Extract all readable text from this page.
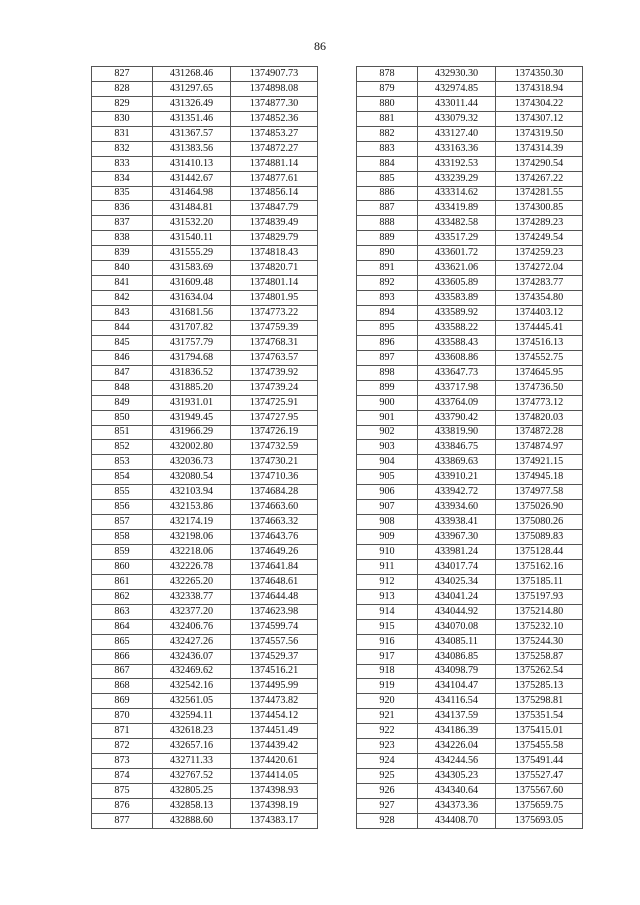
86
827	431268.46	1374907.73
828	431297.65	1374898.08
829	431326.49	1374877.30
830	431351.46	1374852.36
831	431367.57	1374853.27
832	431383.56	1374872.27
833	431410.13	1374881.14
834	431442.67	1374877.61
835	431464.98	1374856.14
836	431484.81	1374847.79
837	431532.20	1374839.49
838	431540.11	1374829.79
839	431555.29	1374818.43
840	431583.69	1374820.71
841	431609.48	1374801.14
842	431634.04	1374801.95
843	431681.56	1374773.22
844	431707.82	1374759.39
845	431757.79	1374768.31
846	431794.68	1374763.57
847	431836.52	1374739.92
848	431885.20	1374739.24
849	431931.01	1374725.91
850	431949.45	1374727.95
851	431966.29	1374726.19
852	432002.80	1374732.59
853	432036.73	1374730.21
854	432080.54	1374710.36
855	432103.94	1374684.28
856	432153.86	1374663.60
857	432174.19	1374663.32
858	432198.06	1374643.76
859	432218.06	1374649.26
860	432226.78	1374641.84
861	432265.20	1374648.61
862	432338.77	1374644.48
863	432377.20	1374623.98
864	432406.76	1374599.74
865	432427.26	1374557.56
866	432436.07	1374529.37
867	432469.62	1374516.21
868	432542.16	1374495.99
869	432561.05	1374473.82
870	432594.11	1374454.12
871	432618.23	1374451.49
872	432657.16	1374439.42
873	432711.33	1374420.61
874	432767.52	1374414.05
875	432805.25	1374398.93
876	432858.13	1374398.19
877	432888.60	1374383.17
878	432930.30	1374350.30
879	432974.85	1374318.94
880	433011.44	1374304.22
881	433079.32	1374307.12
882	433127.40	1374319.50
883	433163.36	1374314.39
884	433192.53	1374290.54
885	433239.29	1374267.22
886	433314.62	1374281.55
887	433419.89	1374300.85
888	433482.58	1374289.23
889	433517.29	1374249.54
890	433601.72	1374259.23
891	433621.06	1374272.04
892	433605.89	1374283.77
893	433583.89	1374354.80
894	433589.92	1374403.12
895	433588.22	1374445.41
896	433588.43	1374516.13
897	433608.86	1374552.75
898	433647.73	1374645.95
899	433717.98	1374736.50
900	433764.09	1374773.12
901	433790.42	1374820.03
902	433819.90	1374872.28
903	433846.75	1374874.97
904	433869.63	1374921.15
905	433910.21	1374945.18
906	433942.72	1374977.58
907	433934.60	1375026.90
908	433938.41	1375080.26
909	433967.30	1375089.83
910	433981.24	1375128.44
911	434017.74	1375162.16
912	434025.34	1375185.11
913	434041.24	1375197.93
914	434044.92	1375214.80
915	434070.08	1375232.10
916	434085.11	1375244.30
917	434086.85	1375258.87
918	434098.79	1375262.54
919	434104.47	1375285.13
920	434116.54	1375298.81
921	434137.59	1375351.54
922	434186.39	1375415.01
923	434226.04	1375455.58
924	434244.56	1375491.44
925	434305.23	1375527.47
926	434340.64	1375567.60
927	434373.36	1375659.75
928	434408.70	1375693.05
